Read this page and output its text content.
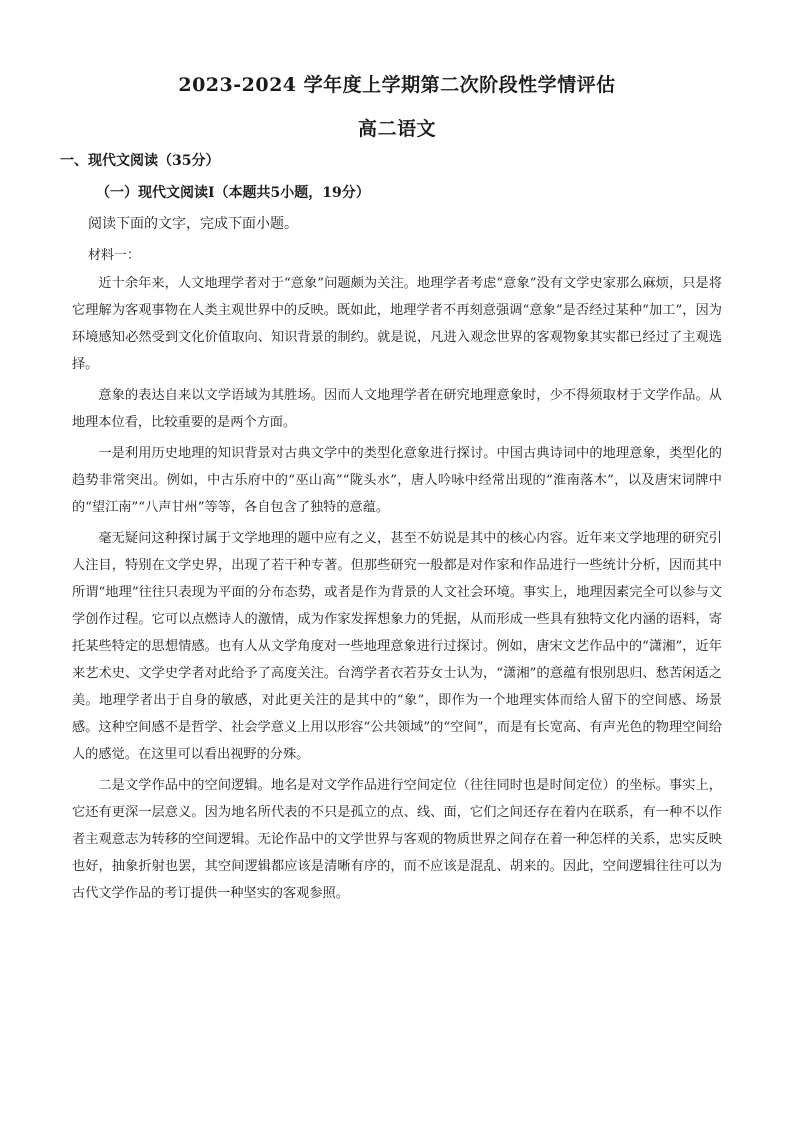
2023-2024 学年度上学期第二次阶段性学情评估
高二语文
一、现代文阅读（35分）
（一）现代文阅读Ⅰ（本题共5小题，19分）
阅读下面的文字，完成下面小题。
材料一：

近十余年来，人文地理学者对于“意象”问题颇为关注。地理学者考虑“意象”没有文学史家那么麻烦，只是将它理解为客观事物在人类主观世界中的反映。既如此，地理学者不再刻意强调“意象”是否经过某种“加工”，因为环境感知必然受到文化价值取向、知识背景的制约。就是说，凡进入观念世界的客观物象其实都已经过了主观选择。

意象的表达自来以文学语域为其胜场。因而人文地理学者在研究地理意象时，少不得须取材于文学作品。从地理本位看，比较重要的是两个方面。

一是利用历史地理的知识背景对古典文学中的类型化意象进行探讨。中国古典诗词中的地理意象，类型化的趋势非常突出。例如，中古乐府中的“巫山高”“陇头水”，唐人吟咏中经常出现的“淮南落木”，以及唐宋词牌中的“望江南”“八声甘州”等等，各自包含了独特的意蕴。

毫无疑问这种探讨属于文学地理的题中应有之义，甚至不妨说是其中的核心内容。近年来文学地理的研究引人注目，特别在文学史界，出现了若干种专著。但那些研究一般都是对作家和作品进行一些统计分析，因而其中所谓“地理”往往只表现为平面的分布态势，或者是作为背景的人文社会环境。事实上，地理因素完全可以参与文学创作过程。它可以点燃诗人的激情，成为作家发挥想象力的凭据，从而形成一些具有独特文化内涵的语料，寄托某些特定的思想情感。也有人从文学角度对一些地理意象进行过探讨。例如，唐宋文艺作品中的“潇湘”，近年来艺术史、文学史学者对此给予了高度关注。台湾学者衣若芬女士认为，“潇湘”的意蕴有恨别思归、愁苦闲适之美。地理学者出于自身的敏感，对此更关注的是其中的“象”，即作为一个地理实体而给人留下的空间感、场景感。这种空间感不是哲学、社会学意义上用以形容“公共领域”的“空间”，而是有长宽高、有声光色的物理空间给人的感觉。在这里可以看出视野的分殊。

二是文学作品中的空间逻辑。地名是对文学作品进行空间定位（往往同时也是时间定位）的坐标。事实上，它还有更深一层意义。因为地名所代表的不只是孤立的点、线、面，它们之间还存在着内在联系，有一种不以作者主观意志为转移的空间逻辑。无论作品中的文学世界与客观的物质世界之间存在着一种怎样的关系，忠实反映也好，抽象折射也罢，其空间逻辑都应该是清晰有序的，而不应该是混乱、胡来的。因此，空间逻辑往往可以为古代文学作品的考订提供一种坚实的客观参照。
